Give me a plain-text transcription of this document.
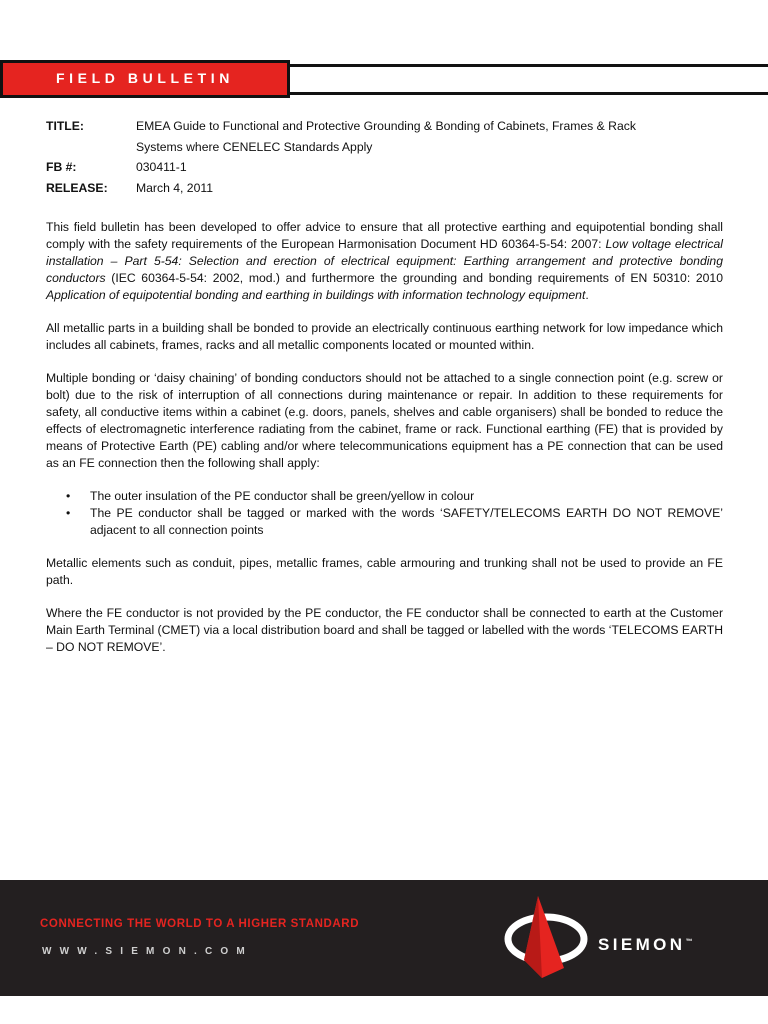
FIELD BULLETIN
TITLE:	EMEA Guide to Functional and Protective Grounding & Bonding of Cabinets, Frames & Rack
Systems where CENELEC Standards Apply
FB #:	030411-1
RELEASE:	March 4, 2011

This field bulletin has been developed to offer advice to ensure that all protective earthing and equipotential bonding shall comply with the safety requirements of the European Harmonisation Document HD 60364-5-54: 2007: Low voltage electrical installation – Part 5-54: Selection and erection of electrical equipment: Earthing arrangement and protective bonding conductors (IEC 60364-5-54: 2002, mod.) and furthermore the grounding and bonding requirements of EN 50310: 2010 Application of equipotential bonding and earthing in buildings with information technology equipment.

All metallic parts in a building shall be bonded to provide an electrically continuous earthing network for low impedance which includes all cabinets, frames, racks and all metallic components located or mounted within.

Multiple bonding or ‘daisy chaining’ of bonding conductors should not be attached to a single connection point (e.g. screw or bolt) due to the risk of interruption of all connections during maintenance or repair. In addition to these requirements for safety, all conductive items within a cabinet (e.g. doors, panels, shelves and cable organisers) shall be bonded to reduce the effects of electromagnetic interference radiating from the cabinet, frame or rack. Functional earthing (FE) that is provided by means of Protective Earth (PE) cabling and/or where telecommunications equipment has a PE connection that can be used as an FE connection then the following shall apply:

• The outer insulation of the PE conductor shall be green/yellow in colour
• The PE conductor shall be tagged or marked with the words ‘SAFETY/TELECOMS EARTH DO NOT REMOVE’ adjacent to all connection points

Metallic elements such as conduit, pipes, metallic frames, cable armouring and trunking shall not be used to provide an FE path.

Where the FE conductor is not provided by the PE conductor, the FE conductor shall be connected to earth at the Customer Main Earth Terminal (CMET) via a local distribution board and shall be tagged or labelled with the words ‘TELECOMS EARTH – DO NOT REMOVE’.

CONNECTING THE WORLD TO A HIGHER STANDARD
WWW.SIEMON.COM	SIEMON™
